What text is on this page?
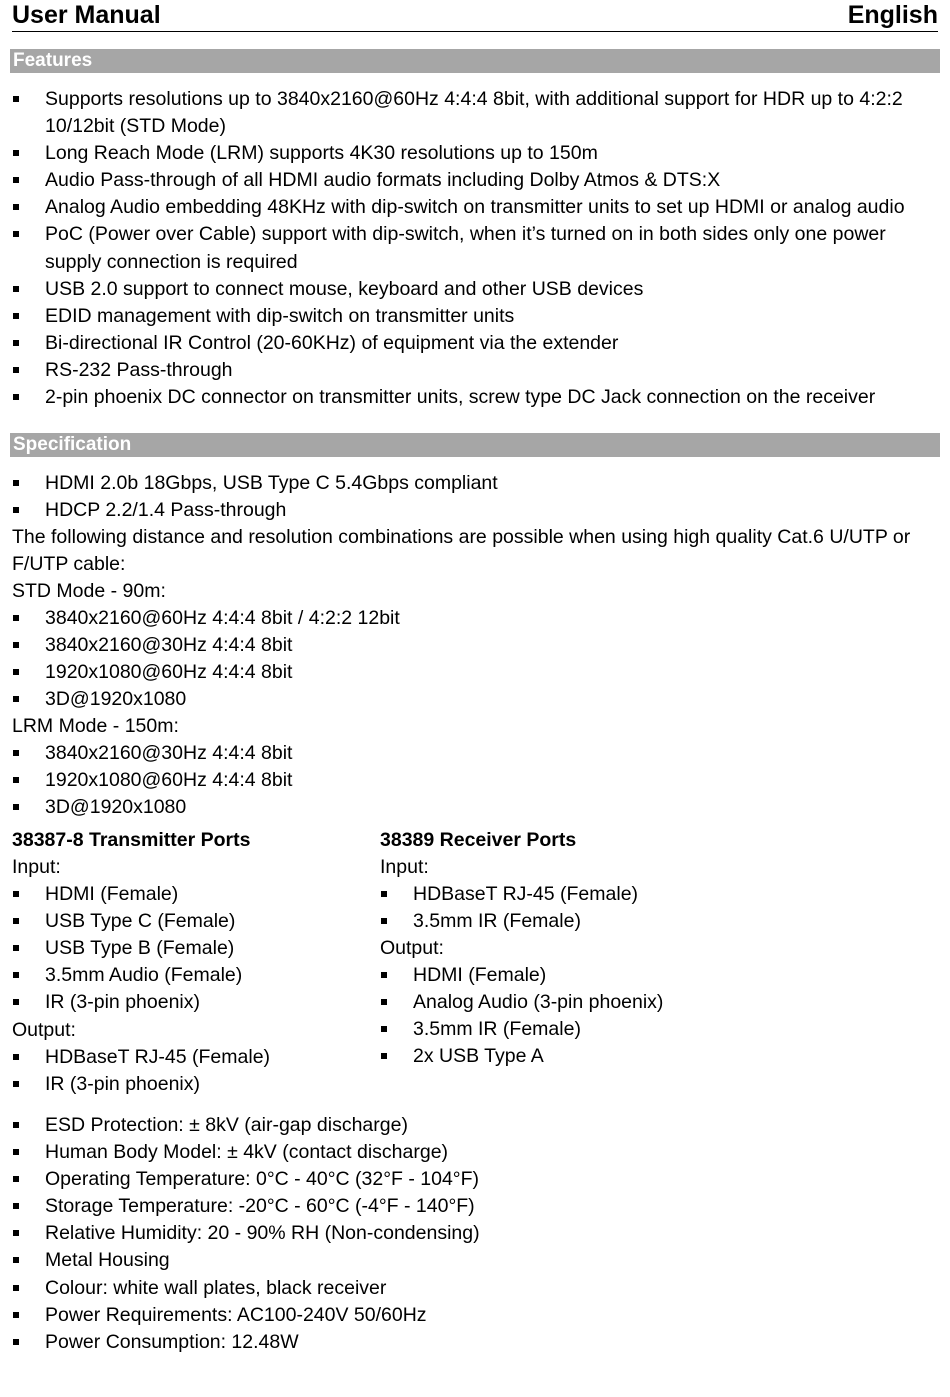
User Manual	English
Features
Supports resolutions up to 3840x2160@60Hz 4:4:4 8bit, with additional support for HDR up to 4:2:2 10/12bit (STD Mode)
Long Reach Mode (LRM) supports 4K30 resolutions up to 150m
Audio Pass-through of all HDMI audio formats including Dolby Atmos & DTS:X
Analog Audio embedding 48KHz with dip-switch on transmitter units to set up HDMI or analog audio
PoC (Power over Cable) support with dip-switch, when it’s turned on in both sides only one power supply connection is required
USB 2.0 support to connect mouse, keyboard and other USB devices
EDID management with dip-switch on transmitter units
Bi-directional IR Control (20-60KHz) of equipment via the extender
RS-232 Pass-through
2-pin phoenix DC connector on transmitter units, screw type DC Jack connection on the receiver
Specification
HDMI 2.0b 18Gbps, USB Type C 5.4Gbps compliant
HDCP 2.2/1.4 Pass-through
The following distance and resolution combinations are possible when using high quality Cat.6 U/UTP or F/UTP cable:
STD Mode - 90m:
3840x2160@60Hz 4:4:4 8bit / 4:2:2 12bit
3840x2160@30Hz 4:4:4 8bit
1920x1080@60Hz 4:4:4 8bit
3D@1920x1080
LRM Mode - 150m:
3840x2160@30Hz 4:4:4 8bit
1920x1080@60Hz 4:4:4 8bit
3D@1920x1080
38387-8 Transmitter Ports
Input:
HDMI (Female)
USB Type C (Female)
USB Type B (Female)
3.5mm Audio (Female)
IR (3-pin phoenix)
Output:
HDBaseT RJ-45 (Female)
IR (3-pin phoenix)
38389 Receiver Ports
Input:
HDBaseT RJ-45 (Female)
3.5mm IR (Female)
Output:
HDMI (Female)
Analog Audio (3-pin phoenix)
3.5mm IR (Female)
2x USB Type A
ESD Protection: ± 8kV (air-gap discharge)
Human Body Model: ± 4kV (contact discharge)
Operating Temperature: 0°C - 40°C (32°F - 104°F)
Storage Temperature: -20°C - 60°C (-4°F - 140°F)
Relative Humidity: 20 - 90% RH (Non-condensing)
Metal Housing
Colour: white wall plates, black receiver
Power Requirements: AC100-240V 50/60Hz
Power Consumption: 12.48W
